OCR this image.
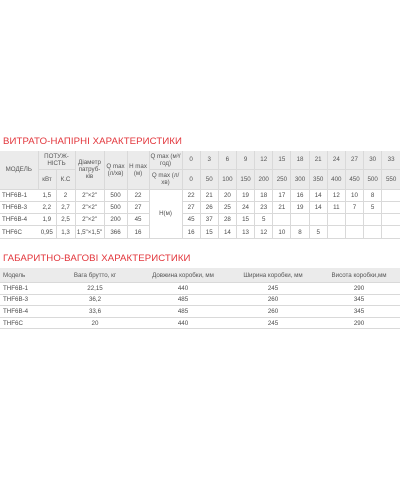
ВИТРАТО-НАПІРНІ ХАРАКТЕРИСТИКИ
МОДЕЛЬ	ПОТУЖ-НІСТЬ		Діаметр патруб-ків	Q max (л/хв)	H max (м)	Q max (м³/год)	0	3	6	9	12	15	18	21	24	27	30	33
	кВт	К.С				Q max (л/хв)	0	50	100	150	200	250	300	350	400	450	500	550
THF6B-1	1,5	2	2"×2"	500	22	Н(м)	22	21	20	19	18	17	16	14	12	10	8	
THF6B-3	2,2	2,7	2"×2"	500	27		27	26	25	24	23	21	19	14	11	7	5	
THF6B-4	1,9	2,5	2"×2"	200	45		45	37	28	15	5							
THF6C	0,95	1,3	1,5"×1,5"	366	16		16	15	14	13	12	10	8	5				
ГАБАРИТНО-ВАГОВІ ХАРАКТЕРИСТИКИ
Модель	Вага брутто, кг	Довжина коробки, мм	Ширина коробки, мм	Висота коробки,мм
THF6B-1	22,15	440	245	290
THF6B-3	36,2	485	260	345
THF6B-4	33,6	485	260	345
THF6C	20	440	245	290
